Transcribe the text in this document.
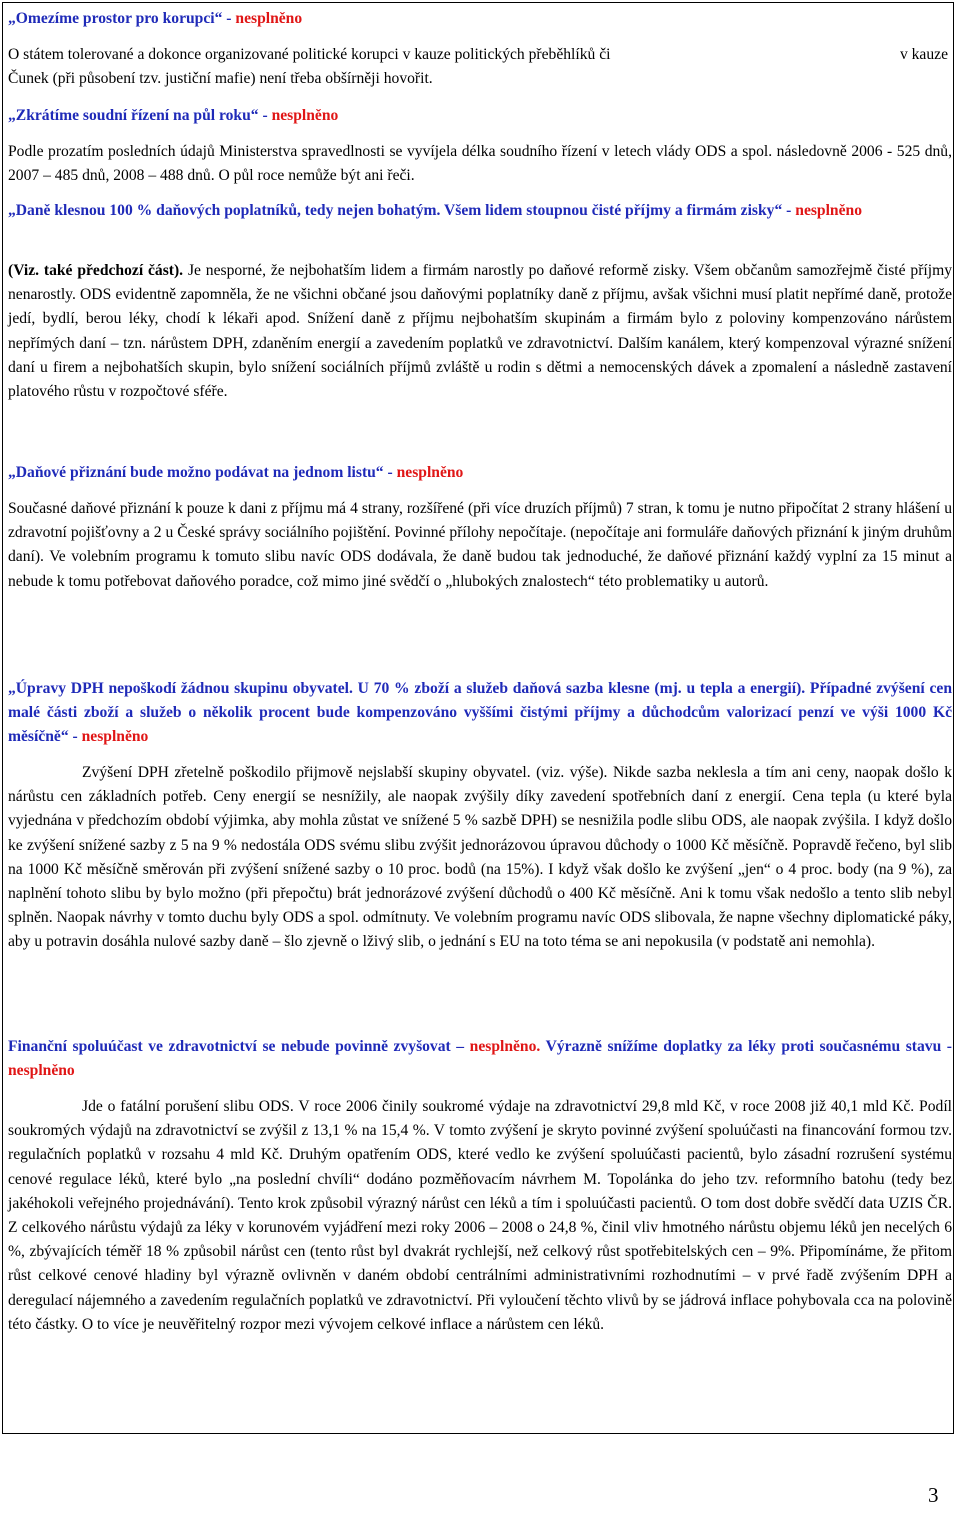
„Omezíme prostor pro korupci“ - nesplněno

O státem tolerované a dokonce organizované politické korupci v kauze politických přeběhlíků či	v kauze

Čunek (při působení tzv. justiční mafie) není třeba obšírněji hovořit.

„Zkrátíme soudní řízení na půl roku“ - nesplněno

Podle prozatím posledních údajů Ministerstva spravedlnosti se vyvíjela délka soudního řízení v letech vlády ODS a spol. následovně 2006 - 525 dnů, 2007 – 485 dnů, 2008 – 488 dnů. O půl roce nemůže být ani řeči.

„Daně klesnou 100 % daňových poplatníků, tedy nejen bohatým. Všem lidem stoupnou čisté příjmy a firmám zisky“ - nesplněno

(Viz. také předchozí část). Je nesporné, že nejbohatším lidem a firmám narostly po daňové reformě zisky. Všem občanům samozřejmě čisté příjmy nenarostly. ODS evidentně zapomněla, že ne všichni občané jsou daňovými poplatníky daně z příjmu, avšak všichni musí platit nepřímé daně, protože jedí, bydlí, berou léky, chodí k lékaři apod. Snížení daně z příjmu nejbohatším skupinám a firmám bylo z poloviny kompenzováno nárůstem nepřímých daní – tzn. nárůstem DPH, zdaněním energií a zavedením poplatků ve zdravotnictví. Dalším kanálem, který kompenzoval výrazné snížení daní u firem a nejbohatších skupin, bylo snížení sociálních příjmů zvláště u rodin s dětmi a nemocenských dávek a zpomalení a následně zastavení platového růstu v rozpočtové sféře.

„Daňové přiznání bude možno podávat na jednom listu“ - nesplněno

Současné daňové přiznání k pouze k dani z příjmu má 4 strany, rozšířené (při více druzích příjmů) 7 stran, k tomu je nutno připočítat 2 strany hlášení u zdravotní pojišťovny a 2 u České správy sociálního pojištění. Povinné přílohy nepočítaje. (nepočítaje ani formuláře daňových přiznání k jiným druhům daní). Ve volebním programu k tomuto slibu navíc ODS dodávala, že daně budou tak jednoduché, že daňové přiznání každý vyplní za 15 minut a nebude k tomu potřebovat daňového poradce, což mimo jiné svědčí o „hlubokých znalostech“ této problematiky u autorů.

„Úpravy DPH nepoškodí žádnou skupinu obyvatel. U 70 % zboží a služeb daňová sazba klesne (mj. u tepla a energií). Případné zvýšení cen malé části zboží a služeb o několik procent bude kompenzováno vyššími čistými příjmy a důchodcům valorizací penzí ve výši 1000 Kč měsíčně“ - nesplněno

Zvýšení DPH zřetelně poškodilo přijmově nejslabší skupiny obyvatel. (viz. výše). Nikde sazba neklesla a tím ani ceny, naopak došlo k nárůstu cen základních potřeb. Ceny energií se nesnížily, ale naopak zvýšily díky zavedení spotřebních daní z energií. Cena tepla (u které byla vyjednána v předchozím období výjimka, aby mohla zůstat ve snížené 5 % sazbě DPH) se nesnižila podle slibu ODS, ale naopak zvýšila. I když došlo ke zvýšení snížené sazby z 5 na 9 % nedostála ODS svému slibu zvýšit jednorázovou úpravou důchody o 1000 Kč měsíčně. Popravdě řečeno, byl slib na 1000 Kč měsíčně směrován při zvýšení snížené sazby o 10 proc. bodů (na 15%). I když však došlo ke zvýšení „jen“ o 4 proc. body (na 9 %), za naplnění tohoto slibu by bylo možno (při přepočtu) brát jednorázové zvýšení důchodů o 400 Kč měsíčně. Ani k tomu však nedošlo a tento slib nebyl splněn. Naopak návrhy v tomto duchu byly ODS a spol. odmítnuty. Ve volebním programu navíc ODS slibovala, že napne všechny diplomatické páky, aby u potravin dosáhla nulové sazby daně – šlo zjevně o lživý slib, o jednání s EU na toto téma se ani nepokusila (v podstatě ani nemohla).

Finanční spoluúčast ve zdravotnictví se nebude povinně zvyšovat – nesplněno. Výrazně snížíme doplatky za léky proti současnému stavu - nesplněno

Jde o fatální porušení slibu ODS. V roce 2006 činily soukromé výdaje na zdravotnictví 29,8 mld Kč, v roce 2008 již 40,1 mld Kč. Podíl soukromých výdajů na zdravotnictví se zvýšil z 13,1 % na 15,4 %. V tomto zvýšení je skryto povinné zvýšení spoluúčasti na financování formou tzv. regulačních poplatků v rozsahu 4 mld Kč. Druhým opatřením ODS, které vedlo ke zvýšení spoluúčasti pacientů, bylo zásadní rozrušení systému cenové regulace léků, které bylo „na poslední chvíli“ dodáno pozměňovacím návrhem M. Topolánka do jeho tzv. reformního batohu (tedy bez jakéhokoli veřejného projednávání). Tento krok způsobil výrazný nárůst cen léků a tím i spoluúčasti pacientů. O tom dost dobře svědčí data UZIS ČR. Z celkového nárůstu výdajů za léky v korunovém vyjádření mezi roky 2006 – 2008 o 24,8 %, činil vliv hmotného nárůstu objemu léků jen necelých 6 %, zbývajících téměř 18 % způsobil nárůst cen (tento růst byl dvakrát rychlejší, než celkový růst spotřebitelských cen – 9%. Připomínáme, že přitom růst celkové cenové hladiny byl výrazně ovlivněn v daném období centrálními administrativními rozhodnutími – v prvé řadě zvýšením DPH a deregulací nájemného a zavedením regulačních poplatků ve zdravotnictví. Při vyloučení těchto vlivů by se jádrová inflace pohybovala cca na polovině této částky. O to více je neuvěřitelný rozpor mezi vývojem celkové inflace a nárůstem cen léků.

3
